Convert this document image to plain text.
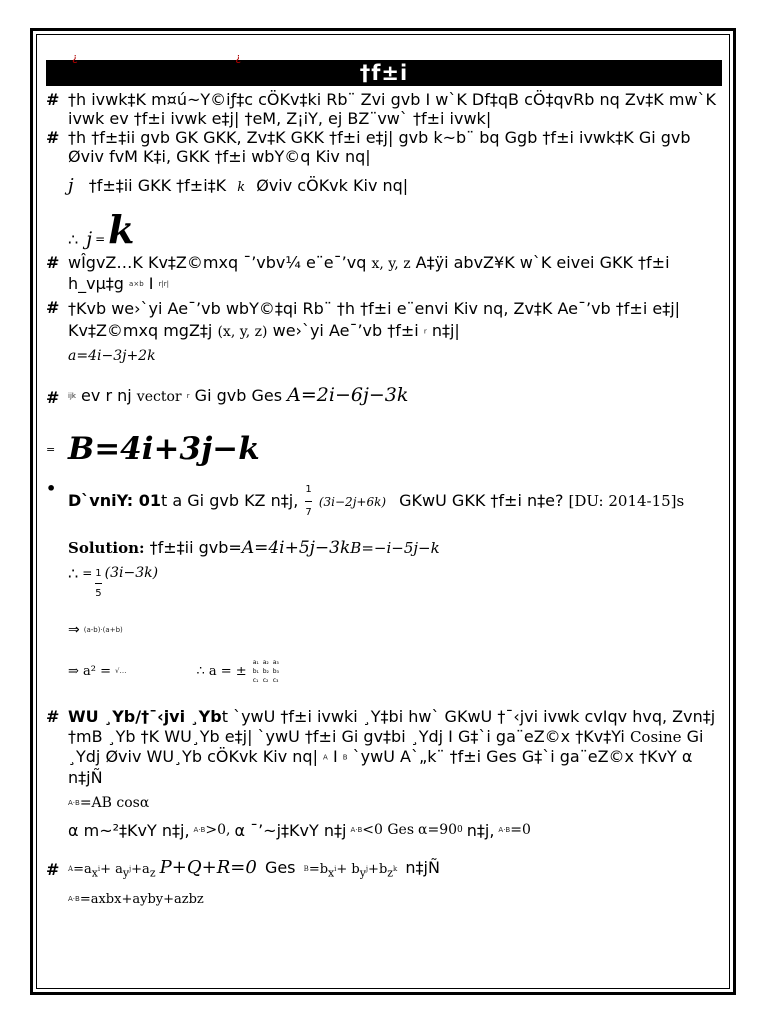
†f±i
# †h ivwk‡K m¤ú~Y©iƒ‡c cÖKv‡ki Rb¨ Zvi gvb I w`K Df‡qB cÖ‡qvRb nq Zv‡K mw`K ivwk ev †f±i ivwk e‡j| †eM, Z¡iY, ej BZ¨vw` †f±i ivwk|
# †h †f±‡ii gvb GK GKK, Zv‡K GKK †f±i e‡j| gvb k~b¨ bq Ggb †f±i ivwk‡K Gi gvb Øviv fvM K‡i, GKK †f±i wbY©q Kiv nq|
¿
j †f±‡ii GKK †f±i‡K
¿
k Øviv cÖKvk Kiv nq|
∴ j = k
# wÎgvZ…K Kv‡Z©mxq ¯’vbv¼ e¨e¯’vq x, y, z A‡ÿi abvZ¥K w`K eivei GKK †f±i h_vµ‡g a×b I r|r|
# †Kvb we›`yi Ae¯’vb wbY©‡qi Rb¨ †h †f±i e¨envi Kiv nq, Zv‡K Ae¯’vb †f±i e‡j| Kv‡Z©mxq mgZ‡j (x, y, z) we›`yi Ae¯’vb †f±i r n‡j|
a=4i−3j+2k
#	ijk ev r nj vector r Gi gvb Ges A=2i−6j−3k
= B=4i+3j−k
•
D`vniY: 01t a Gi gvb KZ n‡j, $\frac{1}{7} (3i-2j+6k)$ GKwU GKK †f±i n‡e? [DU: 2014-15]s
Solution: †f±‡ii gvb=A=4i+5j−3kB=−i−5j−k
∴ = $\frac{1}{5} (3i-3k)$
⇒ (a-b)·(a+b)
⇒ a² = √…	∴ a = ±
a₁ a₂ a₃
b₁ b₂ b₃
c₁ c₂ c₃
# WU ¸Yb/†¯‹jvi ¸Ybt `ywU †f±i ivwki ¸Y‡bi hw` GKwU †¯‹jvi ivwk cvIqv hvq, Zvn‡j †mB ¸Yb †K WU¸Yb e‡j| `ywU †f±i Gi gv‡bi ¸Ydj I G‡`i ga¨eZ©x †Kv‡Yi Cosine Gi ¸Ydj Øviv WU¸Yb cÖKvk Kiv nq| A I B `ywU A`„k¨ †f±i Ges G‡`i ga¨eZ©x †KvY α n‡jÑ
A·B =AB cosα
α m~²‡KvY n‡j, A·B >0, α ¯’~j‡KvY n‡j A·B <0 Ges α=90 0 n‡j, A·B =0
#	$A=a_xi+ a_yj+a_z$ P+Q+R=0 Ges $B=b_xi+ b_yj+b_zk$ n‡jÑ
A·B =axbx+ayby+azbz
